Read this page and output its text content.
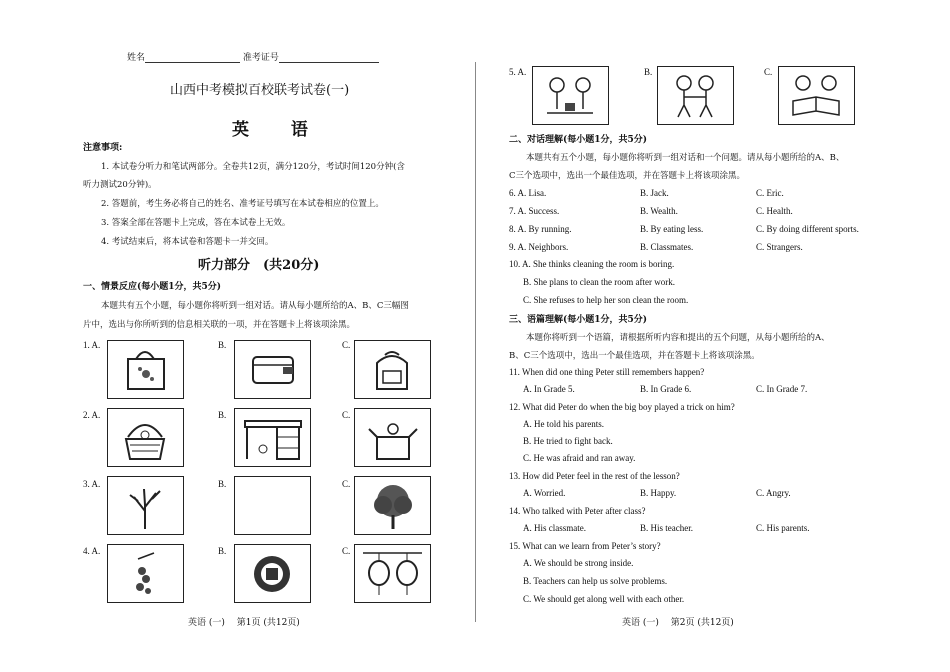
姓名	准考证号
山西中考模拟百校联考试卷(一)
英 语
注意事项:
1. 本试卷分听力和笔试两部分。全卷共12页，满分120分，考试时间120分钟(含
听力测试20分钟)。
2. 答题前，考生务必将自己的姓名、准考证号填写在本试卷相应的位置上。
3. 答案全部在答题卡上完成，答在本试卷上无效。
4. 考试结束后，将本试卷和答题卡一并交回。
听力部分　(共20分)
一、情景反应(每小题1分，共5分)
本题共有五个小题，每小题你将听到一组对话。请从每小题所给的A、B、C三幅图
片中，选出与你所听到的信息相关联的一项，并在答题卡上将该项涂黑。
1. A.	B.	C.
2. A.	B.	C.
3. A.	B.	C.
4. A.	B.	C.
英语 (一)　 第1页 (共12页)
5. A.	B.	C.
二、对话理解(每小题1分，共5分)
本题共有五个小题，每小题你将听到一组对话和一个问题。请从每小题所给的A、B、
C三个选项中，选出一个最佳选项，并在答题卡上将该项涂黑。
6. A. Lisa.	B. Jack.	C. Eric.
7. A. Success.	B. Wealth.	C. Health.
8. A. By running.	B. By eating less.	C. By doing different sports.
9. A. Neighbors.	B. Classmates.	C. Strangers.
10. A. She thinks cleaning the room is boring.
B. She plans to clean the room after work.
C. She refuses to help her son clean the room.
三、语篇理解(每小题1分，共5分)
本题你将听到一个语篇，请根据所听内容和提出的五个问题，从每小题所给的A、
B、C三个选项中，选出一个最佳选项，并在答题卡上将该项涂黑。
11. When did one thing Peter still remembers happen?
A. In Grade 5.	B. In Grade 6.	C. In Grade 7.
12. What did Peter do when the big boy played a trick on him?
A. He told his parents.
B. He tried to fight back.
C. He was afraid and ran away.
13. How did Peter feel in the rest of the lesson?
A. Worried.	B. Happy.	C. Angry.
14. Who talked with Peter after class?
A. His classmate.	B. His teacher.	C. His parents.
15. What can we learn from Peter’s story?
A. We should be strong inside.
B. Teachers can help us solve problems.
C. We should get along well with each other.
英语 (一)　 第2页 (共12页)
